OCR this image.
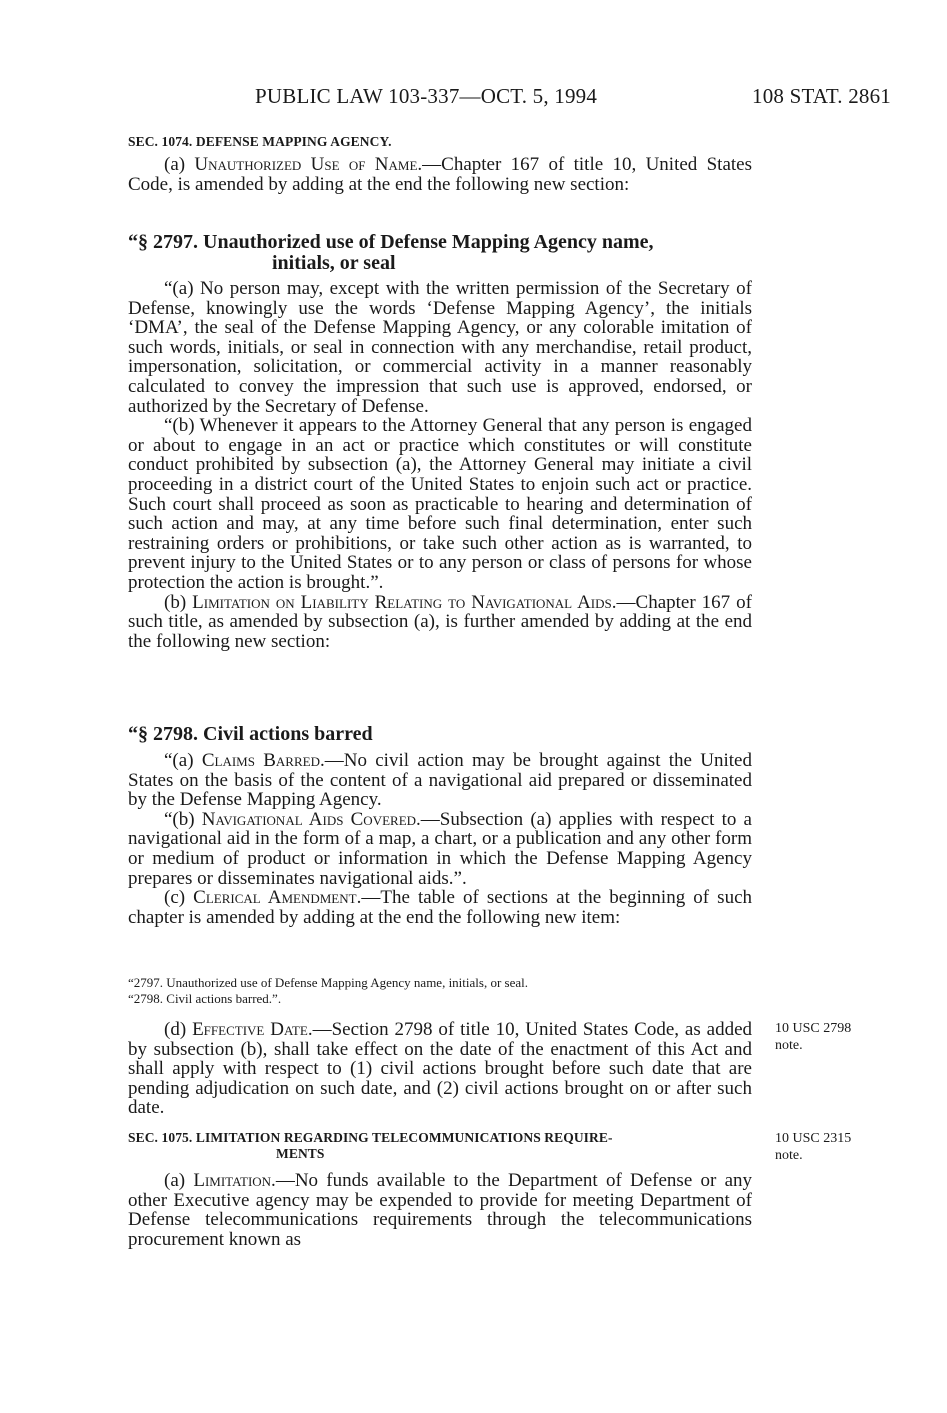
PUBLIC LAW 103-337—OCT. 5, 1994	108 STAT. 2861

SEC. 1074. DEFENSE MAPPING AGENCY.

(a) Unauthorized Use of Name.—Chapter 167 of title 10, United States Code, is amended by adding at the end the following new section:

“§ 2797. Unauthorized use of Defense Mapping Agency name,
initials, or seal

“(a) No person may, except with the written permission of the Secretary of Defense, knowingly use the words ‘Defense Mapping Agency’, the initials ‘DMA’, the seal of the Defense Mapping Agency, or any colorable imitation of such words, initials, or seal in connection with any merchandise, retail product, impersonation, solicitation, or commercial activity in a manner reasonably calculated to convey the impression that such use is approved, endorsed, or authorized by the Secretary of Defense.

“(b) Whenever it appears to the Attorney General that any person is engaged or about to engage in an act or practice which constitutes or will constitute conduct prohibited by subsection (a), the Attorney General may initiate a civil proceeding in a district court of the United States to enjoin such act or practice. Such court shall proceed as soon as practicable to hearing and determination of such action and may, at any time before such final determination, enter such restraining orders or prohibitions, or take such other action as is warranted, to prevent injury to the United States or to any person or class of persons for whose protection the action is brought.”.

(b) Limitation on Liability Relating to Navigational Aids.—Chapter 167 of such title, as amended by subsection (a), is further amended by adding at the end the following new section:

“§ 2798. Civil actions barred

“(a) Claims Barred.—No civil action may be brought against the United States on the basis of the content of a navigational aid prepared or disseminated by the Defense Mapping Agency.

“(b) Navigational Aids Covered.—Subsection (a) applies with respect to a navigational aid in the form of a map, a chart, or a publication and any other form or medium of product or information in which the Defense Mapping Agency prepares or disseminates navigational aids.”.

(c) Clerical Amendment.—The table of sections at the beginning of such chapter is amended by adding at the end the following new item:

“2797. Unauthorized use of Defense Mapping Agency name, initials, or seal.

“2798. Civil actions barred.”.

(d) Effective Date.—Section 2798 of title 10, United States Code, as added by subsection (b), shall take effect on the date of the enactment of this Act and shall apply with respect to (1) civil actions brought before such date that are pending adjudication on such date, and (2) civil actions brought on or after such date.

10 USC 2798
note.

SEC. 1075. LIMITATION REGARDING TELECOMMUNICATIONS REQUIRE-

MENTS

10 USC 2315
note.

(a) Limitation.—No funds available to the Department of Defense or any other Executive agency may be expended to provide for meeting Department of Defense telecommunications requirements through the telecommunications procurement known as
